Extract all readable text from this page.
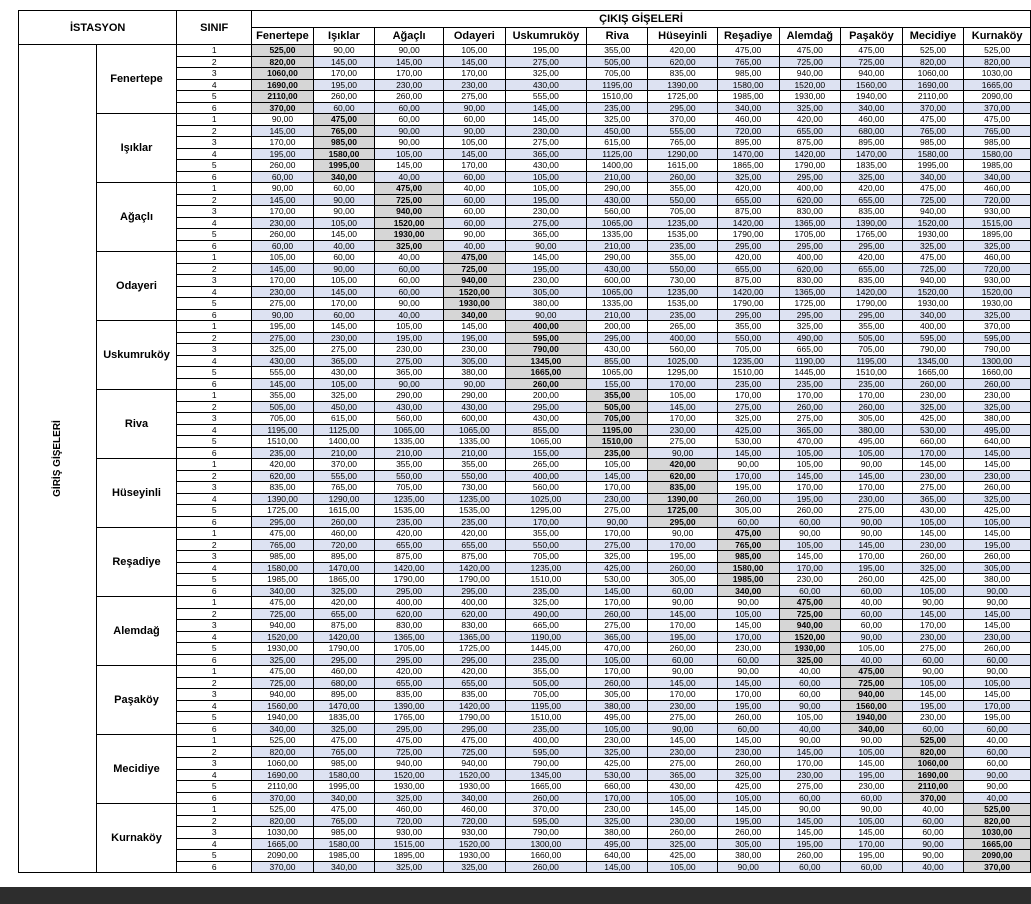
İSTASYON		SINIF	ÇIKIŞ GİŞELERİ											
			Fenertepe	Işıklar	Ağaçlı	Odayeri	Uskumruköy	Riva	Hüseyinli	Reşadiye	Alemdağ	Paşaköy	Mecidiye	Kurnaköy
GİRİŞ GİŞELERİ	Fenertepe	1	525,00	90,00	90,00	105,00	195,00	355,00	420,00	475,00	475,00	475,00	525,00	525,00
		2	820,00	145,00	145,00	145,00	275,00	505,00	620,00	765,00	725,00	725,00	820,00	820,00
		3	1060,00	170,00	170,00	170,00	325,00	705,00	835,00	985,00	940,00	940,00	1060,00	1030,00
		4	1690,00	195,00	230,00	230,00	430,00	1195,00	1390,00	1580,00	1520,00	1560,00	1690,00	1665,00
		5	2110,00	260,00	260,00	275,00	555,00	1510,00	1725,00	1985,00	1930,00	1940,00	2110,00	2090,00
		6	370,00	60,00	60,00	90,00	145,00	235,00	295,00	340,00	325,00	340,00	370,00	370,00
	Işıklar	1	90,00	475,00	60,00	60,00	145,00	325,00	370,00	460,00	420,00	460,00	475,00	475,00
		2	145,00	765,00	90,00	90,00	230,00	450,00	555,00	720,00	655,00	680,00	765,00	765,00
		3	170,00	985,00	90,00	105,00	275,00	615,00	765,00	895,00	875,00	895,00	985,00	985,00
		4	195,00	1580,00	105,00	145,00	365,00	1125,00	1290,00	1470,00	1420,00	1470,00	1580,00	1580,00
		5	260,00	1995,00	145,00	170,00	430,00	1400,00	1615,00	1865,00	1790,00	1835,00	1995,00	1985,00
		6	60,00	340,00	40,00	60,00	105,00	210,00	260,00	325,00	295,00	325,00	340,00	340,00
	Ağaçlı	1	90,00	60,00	475,00	40,00	105,00	290,00	355,00	420,00	400,00	420,00	475,00	460,00
		2	145,00	90,00	725,00	60,00	195,00	430,00	550,00	655,00	620,00	655,00	725,00	720,00
		3	170,00	90,00	940,00	60,00	230,00	560,00	705,00	875,00	830,00	835,00	940,00	930,00
		4	230,00	105,00	1520,00	60,00	275,00	1065,00	1235,00	1420,00	1365,00	1390,00	1520,00	1515,00
		5	260,00	145,00	1930,00	90,00	365,00	1335,00	1535,00	1790,00	1705,00	1765,00	1930,00	1895,00
		6	60,00	40,00	325,00	40,00	90,00	210,00	235,00	295,00	295,00	295,00	325,00	325,00
	Odayeri	1	105,00	60,00	40,00	475,00	145,00	290,00	355,00	420,00	400,00	420,00	475,00	460,00
		2	145,00	90,00	60,00	725,00	195,00	430,00	550,00	655,00	620,00	655,00	725,00	720,00
		3	170,00	105,00	60,00	940,00	230,00	600,00	730,00	875,00	830,00	835,00	940,00	930,00
		4	230,00	145,00	60,00	1520,00	305,00	1065,00	1235,00	1420,00	1365,00	1420,00	1520,00	1520,00
		5	275,00	170,00	90,00	1930,00	380,00	1335,00	1535,00	1790,00	1725,00	1790,00	1930,00	1930,00
		6	90,00	60,00	40,00	340,00	90,00	210,00	235,00	295,00	295,00	295,00	340,00	325,00
	Uskumruköy	1	195,00	145,00	105,00	145,00	400,00	200,00	265,00	355,00	325,00	355,00	400,00	370,00
		2	275,00	230,00	195,00	195,00	595,00	295,00	400,00	550,00	490,00	505,00	595,00	595,00
		3	325,00	275,00	230,00	230,00	790,00	430,00	560,00	705,00	665,00	705,00	790,00	790,00
		4	430,00	365,00	275,00	305,00	1345,00	855,00	1025,00	1235,00	1190,00	1195,00	1345,00	1300,00
		5	555,00	430,00	365,00	380,00	1665,00	1065,00	1295,00	1510,00	1445,00	1510,00	1665,00	1660,00
		6	145,00	105,00	90,00	90,00	260,00	155,00	170,00	235,00	235,00	235,00	260,00	260,00
	Riva	1	355,00	325,00	290,00	290,00	200,00	355,00	105,00	170,00	170,00	170,00	230,00	230,00
		2	505,00	450,00	430,00	430,00	295,00	505,00	145,00	275,00	260,00	260,00	325,00	325,00
		3	705,00	615,00	560,00	600,00	430,00	705,00	170,00	325,00	275,00	305,00	425,00	380,00
		4	1195,00	1125,00	1065,00	1065,00	855,00	1195,00	230,00	425,00	365,00	380,00	530,00	495,00
		5	1510,00	1400,00	1335,00	1335,00	1065,00	1510,00	275,00	530,00	470,00	495,00	660,00	640,00
		6	235,00	210,00	210,00	210,00	155,00	235,00	90,00	145,00	105,00	105,00	170,00	145,00
	Hüseyinli	1	420,00	370,00	355,00	355,00	265,00	105,00	420,00	90,00	105,00	90,00	145,00	145,00
		2	620,00	555,00	550,00	550,00	400,00	145,00	620,00	170,00	145,00	145,00	230,00	230,00
		3	835,00	765,00	705,00	730,00	560,00	170,00	835,00	195,00	170,00	170,00	275,00	260,00
		4	1390,00	1290,00	1235,00	1235,00	1025,00	230,00	1390,00	260,00	195,00	230,00	365,00	325,00
		5	1725,00	1615,00	1535,00	1535,00	1295,00	275,00	1725,00	305,00	260,00	275,00	430,00	425,00
		6	295,00	260,00	235,00	235,00	170,00	90,00	295,00	60,00	60,00	90,00	105,00	105,00
	Reşadiye	1	475,00	460,00	420,00	420,00	355,00	170,00	90,00	475,00	90,00	90,00	145,00	145,00
		2	765,00	720,00	655,00	655,00	550,00	275,00	170,00	765,00	105,00	145,00	230,00	195,00
		3	985,00	895,00	875,00	875,00	705,00	325,00	195,00	985,00	145,00	170,00	260,00	260,00
		4	1580,00	1470,00	1420,00	1420,00	1235,00	425,00	260,00	1580,00	170,00	195,00	325,00	305,00
		5	1985,00	1865,00	1790,00	1790,00	1510,00	530,00	305,00	1985,00	230,00	260,00	425,00	380,00
		6	340,00	325,00	295,00	295,00	235,00	145,00	60,00	340,00	60,00	60,00	105,00	90,00
	Alemdağ	1	475,00	420,00	400,00	400,00	325,00	170,00	90,00	90,00	475,00	40,00	90,00	90,00
		2	725,00	655,00	620,00	620,00	490,00	260,00	145,00	105,00	725,00	60,00	145,00	145,00
		3	940,00	875,00	830,00	830,00	665,00	275,00	170,00	145,00	940,00	60,00	170,00	145,00
		4	1520,00	1420,00	1365,00	1365,00	1190,00	365,00	195,00	170,00	1520,00	90,00	230,00	230,00
		5	1930,00	1790,00	1705,00	1725,00	1445,00	470,00	260,00	230,00	1930,00	105,00	275,00	260,00
		6	325,00	295,00	295,00	295,00	235,00	105,00	60,00	60,00	325,00	40,00	60,00	60,00
	Paşaköy	1	475,00	460,00	420,00	420,00	355,00	170,00	90,00	90,00	40,00	475,00	90,00	90,00
		2	725,00	680,00	655,00	655,00	505,00	260,00	145,00	145,00	60,00	725,00	105,00	105,00
		3	940,00	895,00	835,00	835,00	705,00	305,00	170,00	170,00	60,00	940,00	145,00	145,00
		4	1560,00	1470,00	1390,00	1420,00	1195,00	380,00	230,00	195,00	90,00	1560,00	195,00	170,00
		5	1940,00	1835,00	1765,00	1790,00	1510,00	495,00	275,00	260,00	105,00	1940,00	230,00	195,00
		6	340,00	325,00	295,00	295,00	235,00	105,00	90,00	60,00	40,00	340,00	60,00	60,00
	Mecidiye	1	525,00	475,00	475,00	475,00	400,00	230,00	145,00	145,00	90,00	90,00	525,00	40,00
		2	820,00	765,00	725,00	725,00	595,00	325,00	230,00	230,00	145,00	105,00	820,00	60,00
		3	1060,00	985,00	940,00	940,00	790,00	425,00	275,00	260,00	170,00	145,00	1060,00	60,00
		4	1690,00	1580,00	1520,00	1520,00	1345,00	530,00	365,00	325,00	230,00	195,00	1690,00	90,00
		5	2110,00	1995,00	1930,00	1930,00	1665,00	660,00	430,00	425,00	275,00	230,00	2110,00	90,00
		6	370,00	340,00	325,00	340,00	260,00	170,00	105,00	105,00	60,00	60,00	370,00	40,00
	Kurnaköy	1	525,00	475,00	460,00	460,00	370,00	230,00	145,00	145,00	90,00	90,00	40,00	525,00
		2	820,00	765,00	720,00	720,00	595,00	325,00	230,00	195,00	145,00	105,00	60,00	820,00
		3	1030,00	985,00	930,00	930,00	790,00	380,00	260,00	260,00	145,00	145,00	60,00	1030,00
		4	1665,00	1580,00	1515,00	1520,00	1300,00	495,00	325,00	305,00	195,00	170,00	90,00	1665,00
		5	2090,00	1985,00	1895,00	1930,00	1660,00	640,00	425,00	380,00	260,00	195,00	90,00	2090,00
		6	370,00	340,00	325,00	325,00	260,00	145,00	105,00	90,00	60,00	60,00	40,00	370,00
